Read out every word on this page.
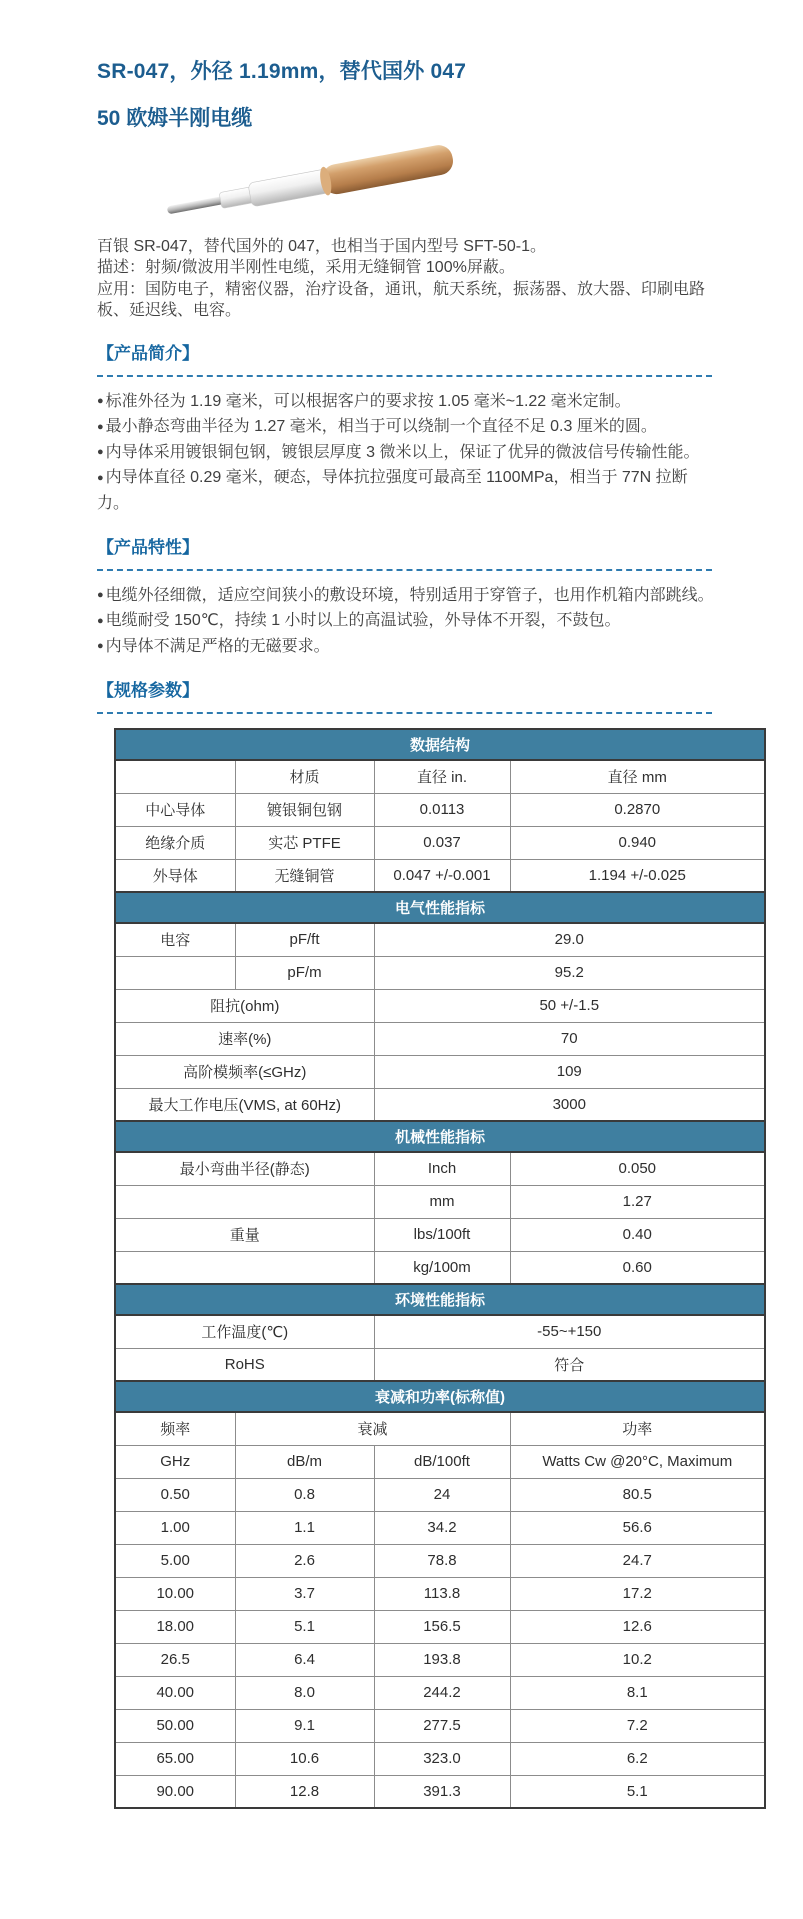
SR-047，外径 1.19mm，替代国外 047
50 欧姆半刚电缆
百银 SR-047，替代国外的 047，也相当于国内型号 SFT-50-1。
描述：射频/微波用半刚性电缆，采用无缝铜管 100%屏蔽。
应用：国防电子，精密仪器，治疗设备，通讯，航天系统，振荡器、放大器、印刷电路板、延迟线、电容。
【产品简介】
● 标准外径为 1.19 毫米，可以根据客户的要求按 1.05 毫米~1.22 毫米定制。
● 最小静态弯曲半径为 1.27 毫米，相当于可以绕制一个直径不足 0.3 厘米的圆。
● 内导体采用镀银铜包钢，镀银层厚度 3 微米以上，保证了优异的微波信号传输性能。
● 内导体直径 0.29 毫米，硬态，导体抗拉强度可最高至 1100MPa，相当于 77N 拉断力。
【产品特性】
● 电缆外径细微，适应空间狭小的敷设环境，特别适用于穿管子，也用作机箱内部跳线。
● 电缆耐受 150℃，持续 1 小时以上的高温试验，外导体不开裂，不鼓包。
● 内导体不满足严格的无磁要求。
【规格参数】
数据结构			
	材质	直径 in.	直径 mm
中心导体	镀银铜包钢	0.0113	0.2870
绝缘介质	实芯 PTFE	0.037	0.940
外导体	无缝铜管	0.047 +/-0.001	1.194 +/-0.025
电气性能指标			
电容	pF/ft	29.0	
	pF/m	95.2	
阻抗(ohm)		50 +/-1.5	
速率(%)		70	
高阶模频率(≤GHz)		109	
最大工作电压(VMS, at 60Hz)		3000	
机械性能指标			
最小弯曲半径(静态)		Inch	0.050
		mm	1.27
重量		lbs/100ft	0.40
		kg/100m	0.60
环境性能指标			
工作温度(℃)		-55~+150	
RoHS		符合	
衰减和功率(标称值)			
频率	衰减		功率
GHz	dB/m	dB/100ft	Watts Cw @20°C, Maximum
0.50	0.8	24	80.5
1.00	1.1	34.2	56.6
5.00	2.6	78.8	24.7
10.00	3.7	113.8	17.2
18.00	5.1	156.5	12.6
26.5	6.4	193.8	10.2
40.00	8.0	244.2	8.1
50.00	9.1	277.5	7.2
65.00	10.6	323.0	6.2
90.00	12.8	391.3	5.1
